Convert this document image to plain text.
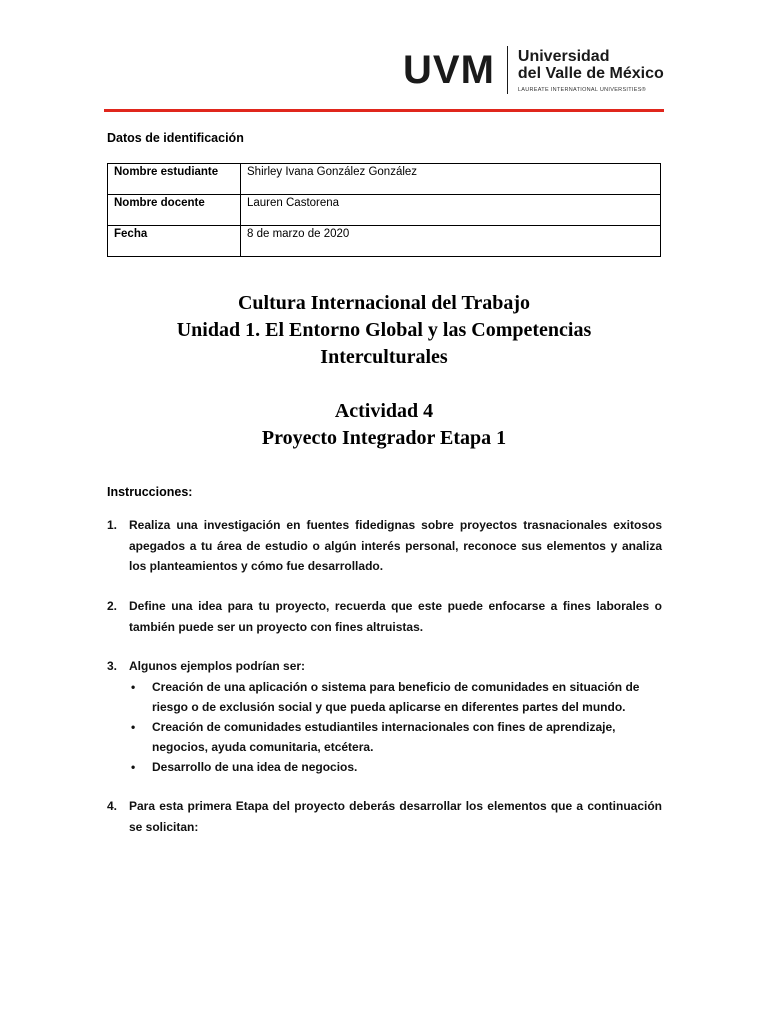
UVM Universidad
del Valle de México
LAUREATE INTERNATIONAL UNIVERSITIES®
Datos de identificación
Nombre estudiante	Shirley Ivana González González
Nombre docente	Lauren Castorena
Fecha	8 de marzo de 2020
Cultura Internacional del Trabajo
Unidad 1. El Entorno Global y las Competencias
Interculturales
Actividad 4
Proyecto Integrador Etapa 1
Instrucciones:
1. Realiza una investigación en fuentes fidedignas sobre proyectos trasnacionales exitosos apegados a tu área de estudio o algún interés personal, reconoce sus elementos y analiza los planteamientos y cómo fue desarrollado.
2. Define una idea para tu proyecto, recuerda que este puede enfocarse a fines laborales o también puede ser un proyecto con fines altruistas.
3. Algunos ejemplos podrían ser:
• Creación de una aplicación o sistema para beneficio de comunidades en situación de riesgo o de exclusión social y que pueda aplicarse en diferentes partes del mundo.
• Creación de comunidades estudiantiles internacionales con fines de aprendizaje, negocios, ayuda comunitaria, etcétera.
• Desarrollo de una idea de negocios.
4. Para esta primera Etapa del proyecto deberás desarrollar los elementos que a continuación se solicitan:
